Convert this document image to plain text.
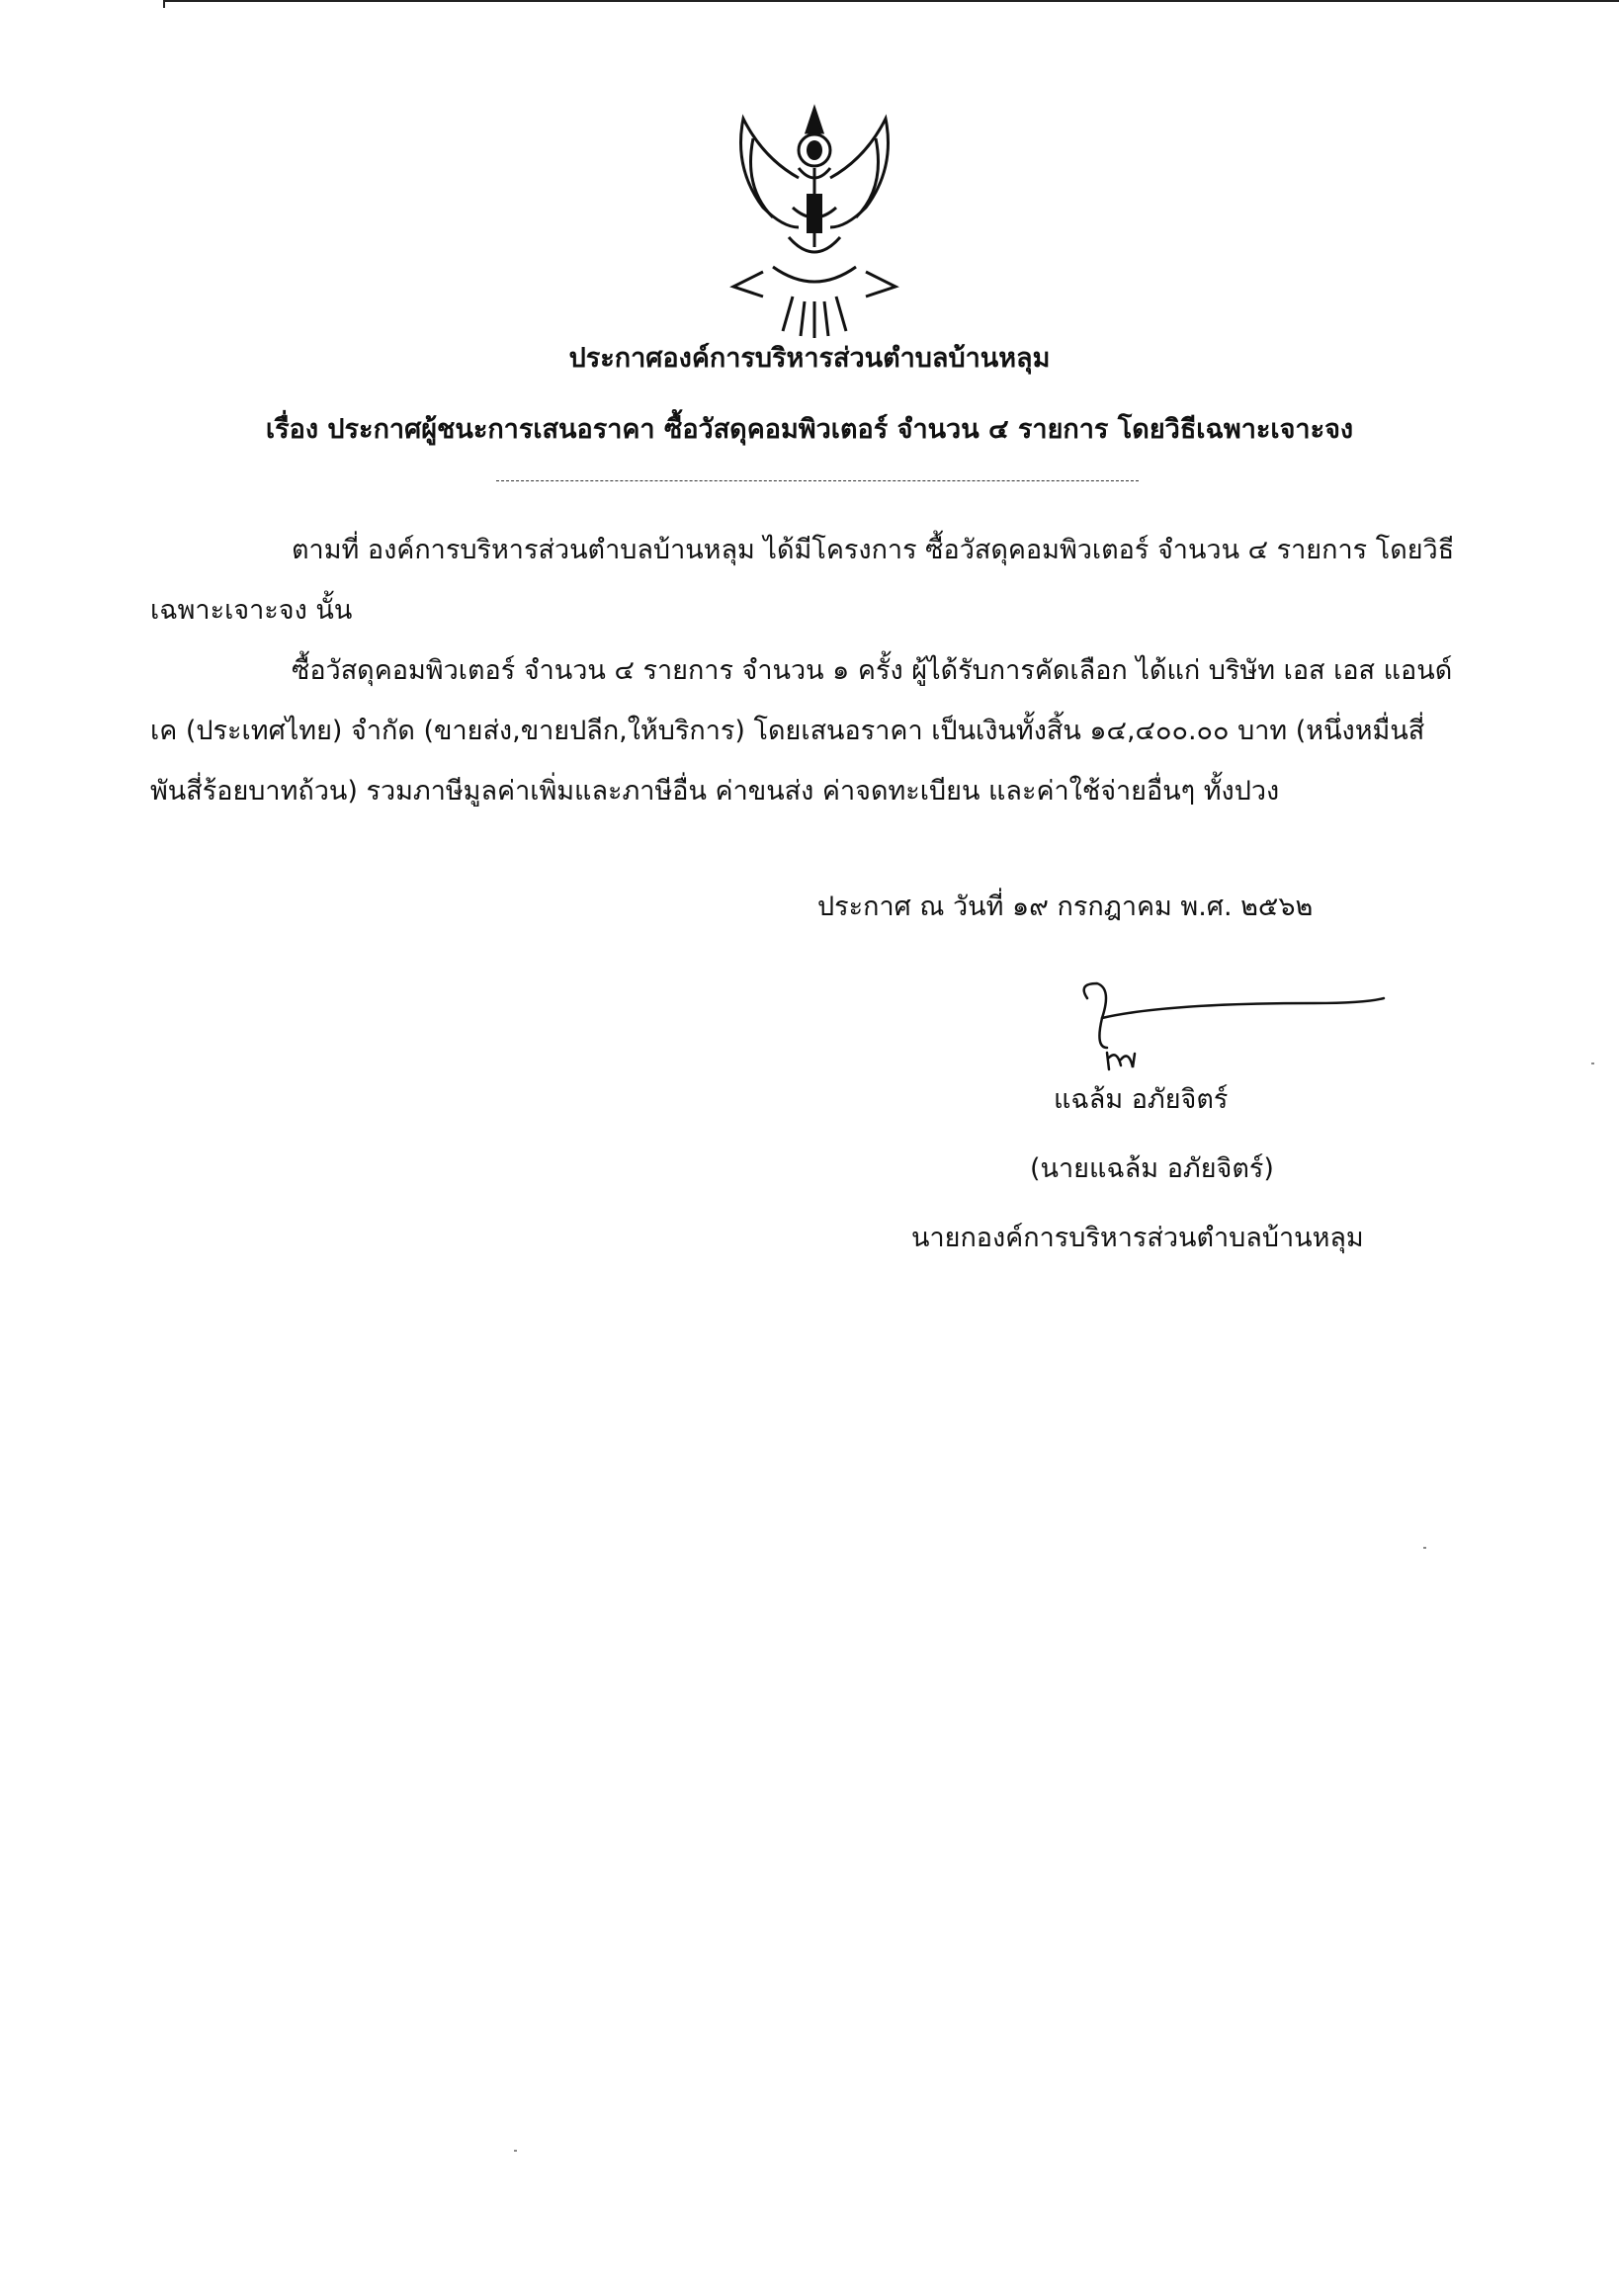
ประกาศองค์การบริหารส่วนตำบลบ้านหลุม
เรื่อง ประกาศผู้ชนะการเสนอราคา ซื้อวัสดุคอมพิวเตอร์ จำนวน ๔ รายการ โดยวิธีเฉพาะเจาะจง
ตามที่ องค์การบริหารส่วนตำบลบ้านหลุม ได้มีโครงการ ซื้อวัสดุคอมพิวเตอร์ จำนวน ๔ รายการ โดยวิธี
เฉพาะเจาะจง นั้น
ซื้อวัสดุคอมพิวเตอร์ จำนวน ๔ รายการ จำนวน ๑ ครั้ง ผู้ได้รับการคัดเลือก ได้แก่ บริษัท เอส เอส แอนด์
เค (ประเทศไทย) จำกัด (ขายส่ง,ขายปลีก,ให้บริการ) โดยเสนอราคา เป็นเงินทั้งสิ้น ๑๔,๔๐๐.๐๐ บาท (หนึ่งหมื่นสี่
พันสี่ร้อยบาทถ้วน) รวมภาษีมูลค่าเพิ่มและภาษีอื่น ค่าขนส่ง ค่าจดทะเบียน และค่าใช้จ่ายอื่นๆ ทั้งปวง
ประกาศ ณ วันที่ ๑๙ กรกฎาคม พ.ศ. ๒๕๖๒
แฉล้ม อภัยจิตร์
(นายแฉล้ม อภัยจิตร์)
นายกองค์การบริหารส่วนตำบลบ้านหลุม
